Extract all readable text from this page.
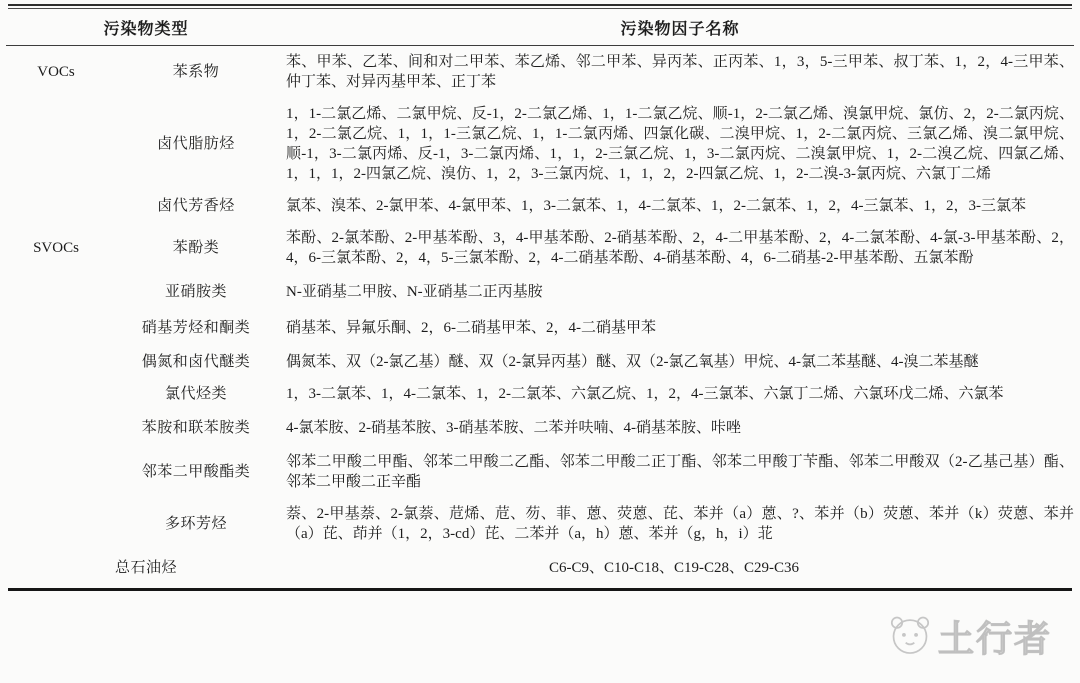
污染物类型		污染物因子名称
VOCs	苯系物	苯、甲苯、乙苯、间和对二甲苯、苯乙烯、邻二甲苯、异丙苯、正丙苯、1，3，5-三甲苯、叔丁苯、1，2，4-三甲苯、仲丁苯、对异丙基甲苯、正丁苯
	卤代脂肪烃	1，1-二氯乙烯、二氯甲烷、反-1，2-二氯乙烯、1，1-二氯乙烷、顺-1，2-二氯乙烯、溴氯甲烷、氯仿、2，2-二氯丙烷、1，2-二氯乙烷、1，1，1-三氯乙烷、1，1-二氯丙烯、四氯化碳、二溴甲烷、1，2-二氯丙烷、三氯乙烯、溴二氯甲烷、顺-1，3-二氯丙烯、反-1，3-二氯丙烯、1，1，2-三氯乙烷、1，3-二氯丙烷、二溴氯甲烷、1，2-二溴乙烷、四氯乙烯、1，1，1，2-四氯乙烷、溴仿、1，2，3-三氯丙烷、1，1，2，2-四氯乙烷、1，2-二溴-3-氯丙烷、六氯丁二烯
	卤代芳香烃	氯苯、溴苯、2-氯甲苯、4-氯甲苯、1，3-二氯苯、1，4-二氯苯、1，2-二氯苯、1，2，4-三氯苯、1，2，3-三氯苯
SVOCs	苯酚类	苯酚、2-氯苯酚、2-甲基苯酚、3，4-甲基苯酚、2-硝基苯酚、2，4-二甲基苯酚、2，4-二氯苯酚、4-氯-3-甲基苯酚、2，4，6-三氯苯酚、2，4，5-三氯苯酚、2，4-二硝基苯酚、4-硝基苯酚、4，6-二硝基-2-甲基苯酚、五氯苯酚
	亚硝胺类	N-亚硝基二甲胺、N-亚硝基二正丙基胺
	硝基芳烃和酮类	硝基苯、异氟乐酮、2，6-二硝基甲苯、2，4-二硝基甲苯
	偶氮和卤代醚类	偶氮苯、双（2-氯乙基）醚、双（2-氯异丙基）醚、双（2-氯乙氧基）甲烷、4-氯二苯基醚、4-溴二苯基醚
	氯代烃类	1，3-二氯苯、1，4-二氯苯、1，2-二氯苯、六氯乙烷、1，2，4-三氯苯、六氯丁二烯、六氯环戊二烯、六氯苯
	苯胺和联苯胺类	4-氯苯胺、2-硝基苯胺、3-硝基苯胺、二苯并呋喃、4-硝基苯胺、咔唑
	邻苯二甲酸酯类	邻苯二甲酸二甲酯、邻苯二甲酸二乙酯、邻苯二甲酸二正丁酯、邻苯二甲酸丁苄酯、邻苯二甲酸双（2-乙基己基）酯、邻苯二甲酸二正辛酯
	多环芳烃	萘、2-甲基萘、2-氯萘、苊烯、苊、芴、菲、蒽、荧蒽、芘、苯并（a）蒽、?、苯并（b）荧蒽、苯并（k）荧蒽、苯并（a）芘、茚并（1，2，3-cd）芘、二苯并（a，h）蒽、苯并（g，h，i）苝
总石油烃		C6-C9、C10-C18、C19-C28、C29-C36
土行者
